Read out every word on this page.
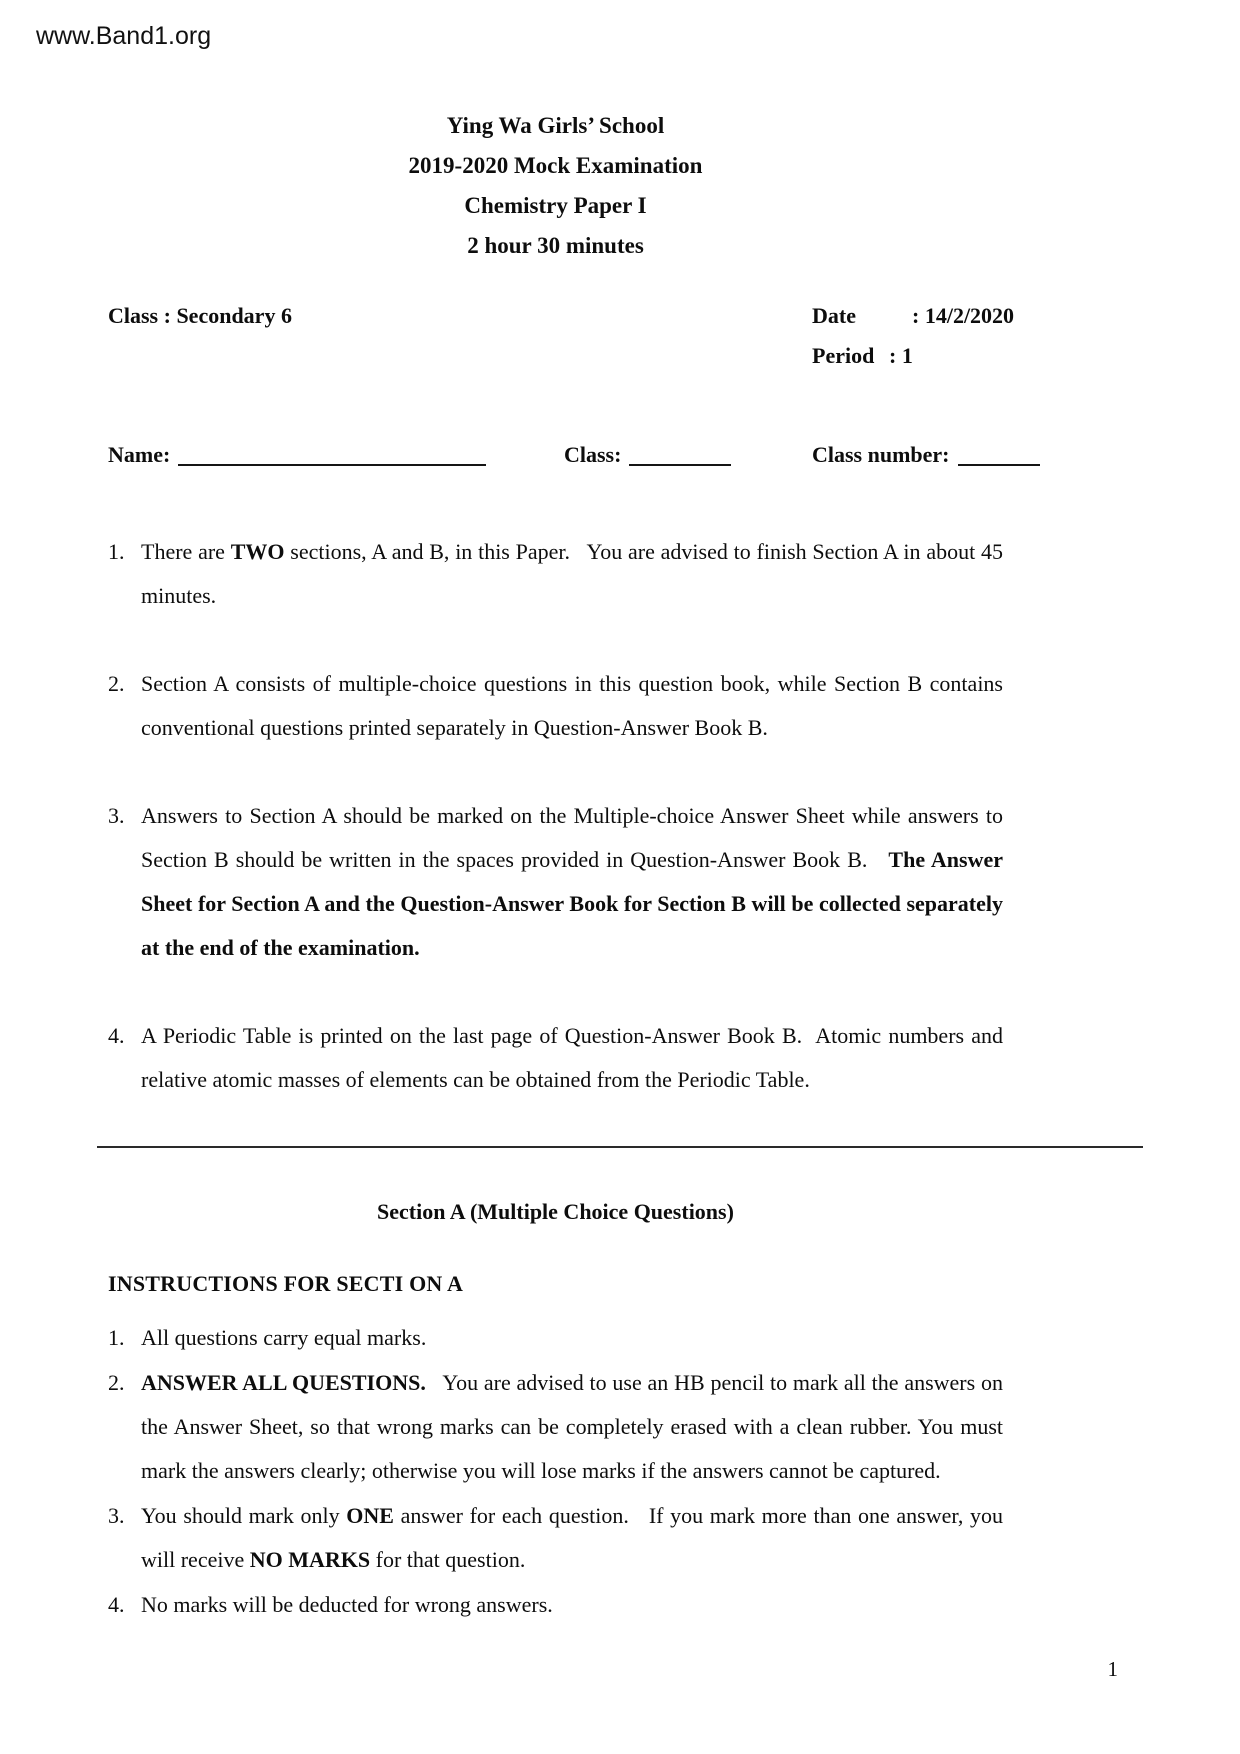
www.Band1.org
Ying Wa Girls’ School
2019-2020 Mock Examination
Chemistry Paper I
2 hour 30 minutes
Class : Secondary 6	Date	: 14/2/2020
Period : 1
Name:	Class:	Class number:
1. There are TWO sections, A and B, in this Paper.   You are advised to finish Section A in about 45 minutes.
2. Section A consists of multiple-choice questions in this question book, while Section B contains conventional questions printed separately in Question-Answer Book B.
3. Answers to Section A should be marked on the Multiple-choice Answer Sheet while answers to Section B should be written in the spaces provided in Question-Answer Book B.   The Answer Sheet for Section A and the Question-Answer Book for Section B will be collected separately at the end of the examination.
4. A Periodic Table is printed on the last page of Question-Answer Book B.  Atomic numbers and relative atomic masses of elements can be obtained from the Periodic Table.
Section A (Multiple Choice Questions)
INSTRUCTIONS FOR SECTI ON A
1. All questions carry equal marks.
2. ANSWER ALL QUESTIONS.   You are advised to use an HB pencil to mark all the answers on the Answer Sheet, so that wrong marks can be completely erased with a clean rubber. You must mark the answers clearly; otherwise you will lose marks if the answers cannot be captured.
3. You should mark only ONE answer for each question.   If you mark more than one answer, you will receive NO MARKS for that question.
4. No marks will be deducted for wrong answers.
1
